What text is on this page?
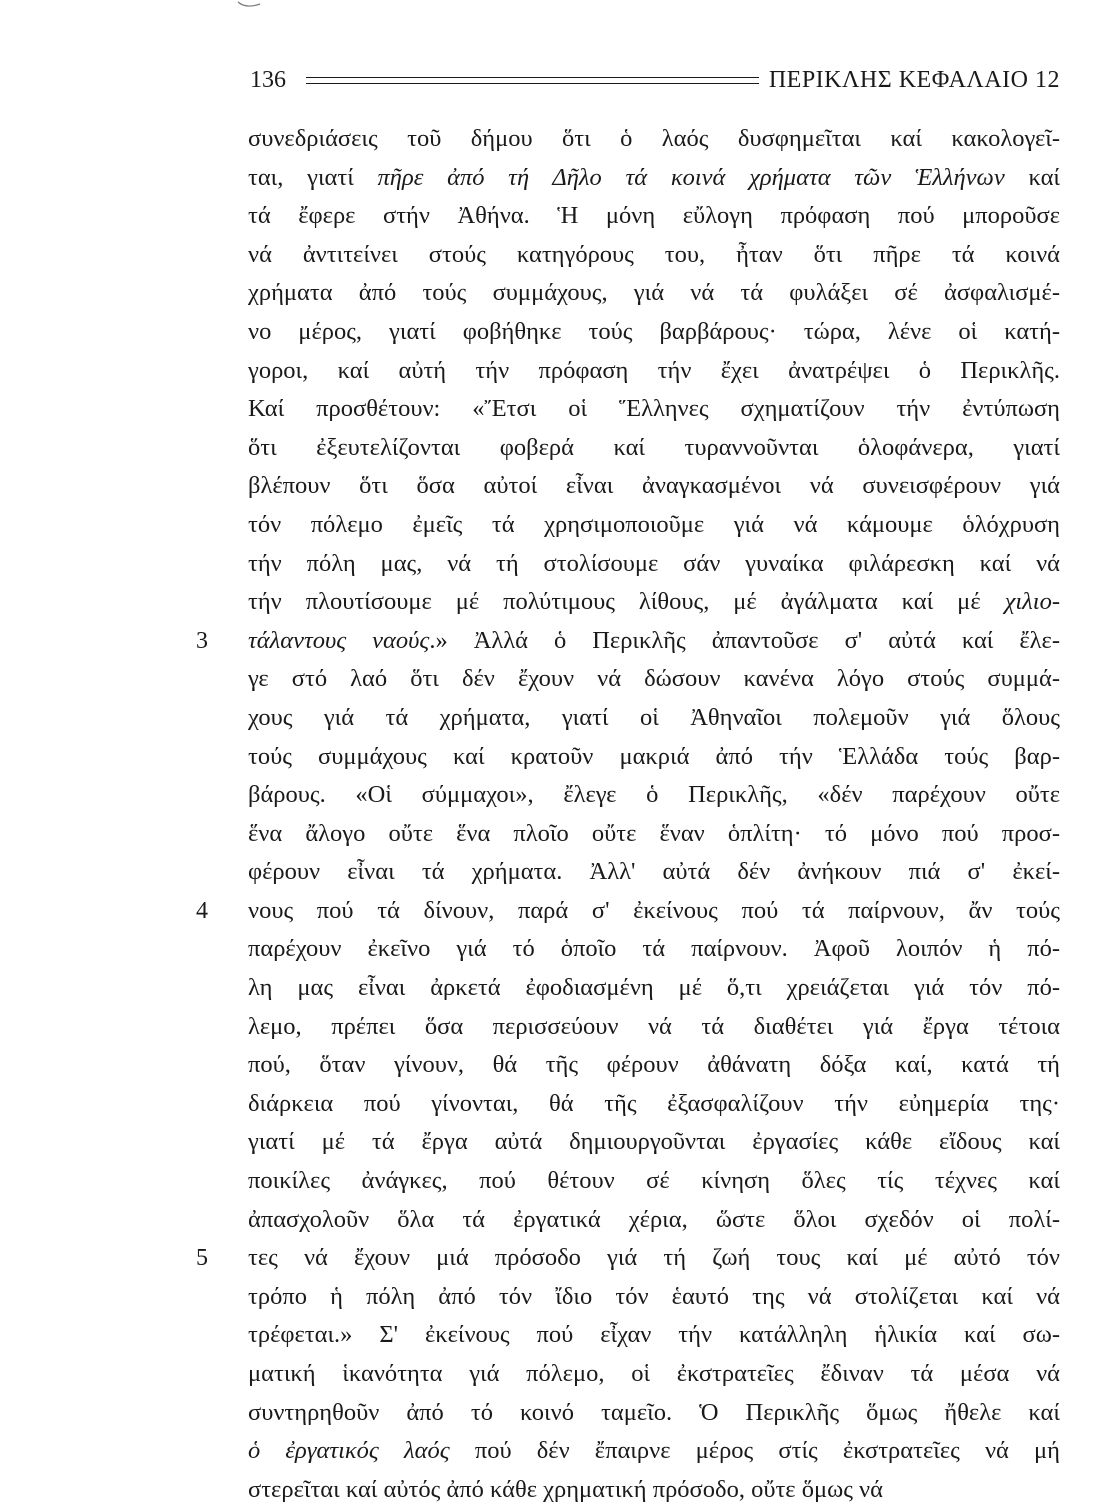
136	ΠΕΡΙΚΛΗΣ ΚΕΦΑΛΑΙΟ 12
3
4
5
συνεδριάσεις τοῦ δήμου ὅτι ὁ λαός δυσφημεῖται καί κακολογεῖ-
ται, γιατί πῆρε ἀπό τή Δῆλο τά κοινά χρήματα τῶν Ἑλλήνων καί
τά ἔφερε στήν Ἀθήνα. Ἡ μόνη εὔλογη πρόφαση πού μποροῦσε
νά ἀντιτείνει στούς κατηγόρους του, ἦταν ὅτι πῆρε τά κοινά
χρήματα ἀπό τούς συμμάχους, γιά νά τά φυλάξει σέ ἀσφαλισμέ-
νο μέρος, γιατί φοβήθηκε τούς βαρβάρους· τώρα, λένε οἱ κατή-
γοροι, καί αὐτή τήν πρόφαση τήν ἔχει ἀνατρέψει ὁ Περικλῆς.
Καί προσθέτουν: «Ἔτσι οἱ Ἕλληνες σχηματίζουν τήν ἐντύπωση
ὅτι ἐξευτελίζονται φοβερά καί τυραννοῦνται ὁλοφάνερα, γιατί
βλέπουν ὅτι ὅσα αὐτοί εἶναι ἀναγκασμένοι νά συνεισφέρουν γιά
τόν πόλεμο ἐμεῖς τά χρησιμοποιοῦμε γιά νά κάμουμε ὁλόχρυση
τήν πόλη μας, νά τή στολίσουμε σάν γυναίκα φιλάρεσκη καί νά
τήν πλουτίσουμε μέ πολύτιμους λίθους, μέ ἀγάλματα καί μέ χιλιο-
τάλαντους ναούς.» Ἀλλά ὁ Περικλῆς ἀπαντοῦσε σ' αὐτά καί ἔλε-
γε στό λαό ὅτι δέν ἔχουν νά δώσουν κανένα λόγο στούς συμμά-
χους γιά τά χρήματα, γιατί οἱ Ἀθηναῖοι πολεμοῦν γιά ὅλους
τούς συμμάχους καί κρατοῦν μακριά ἀπό τήν Ἑλλάδα τούς βαρ-
βάρους. «Οἱ σύμμαχοι», ἔλεγε ὁ Περικλῆς, «δέν παρέχουν οὔτε
ἕνα ἄλογο οὔτε ἕνα πλοῖο οὔτε ἕναν ὁπλίτη· τό μόνο πού προσ-
φέρουν εἶναι τά χρήματα. Ἀλλ' αὐτά δέν ἀνήκουν πιά σ' ἐκεί-
νους πού τά δίνουν, παρά σ' ἐκείνους πού τά παίρνουν, ἄν τούς
παρέχουν ἐκεῖνο γιά τό ὁποῖο τά παίρνουν. Ἀφοῦ λοιπόν ἡ πό-
λη μας εἶναι ἀρκετά ἐφοδιασμένη μέ ὅ,τι χρειάζεται γιά τόν πό-
λεμο, πρέπει ὅσα περισσεύουν νά τά διαθέτει γιά ἔργα τέτοια
πού, ὅταν γίνουν, θά τῆς φέρουν ἀθάνατη δόξα καί, κατά τή
διάρκεια πού γίνονται, θά τῆς ἐξασφαλίζουν τήν εὐημερία της·
γιατί μέ τά ἔργα αὐτά δημιουργοῦνται ἐργασίες κάθε εἴδους καί
ποικίλες ἀνάγκες, πού θέτουν σέ κίνηση ὅλες τίς τέχνες καί
ἀπασχολοῦν ὅλα τά ἐργατικά χέρια, ὥστε ὅλοι σχεδόν οἱ πολί-
τες νά ἔχουν μιά πρόσοδο γιά τή ζωή τους καί μέ αὐτό τόν
τρόπο ἡ πόλη ἀπό τόν ἴδιο τόν ἑαυτό της νά στολίζεται καί νά
τρέφεται.» Σ' ἐκείνους πού εἶχαν τήν κατάλληλη ἡλικία καί σω-
ματική ἱκανότητα γιά πόλεμο, οἱ ἐκστρατεῖες ἔδιναν τά μέσα νά
συντηρηθοῦν ἀπό τό κοινό ταμεῖο. Ὁ Περικλῆς ὅμως ἤθελε καί
ὁ ἐργατικός λαός πού δέν ἔπαιρνε μέρος στίς ἐκστρατεῖες νά μή
στερεῖται καί αὐτός ἀπό κάθε χρηματική πρόσοδο, οὔτε ὅμως νά
